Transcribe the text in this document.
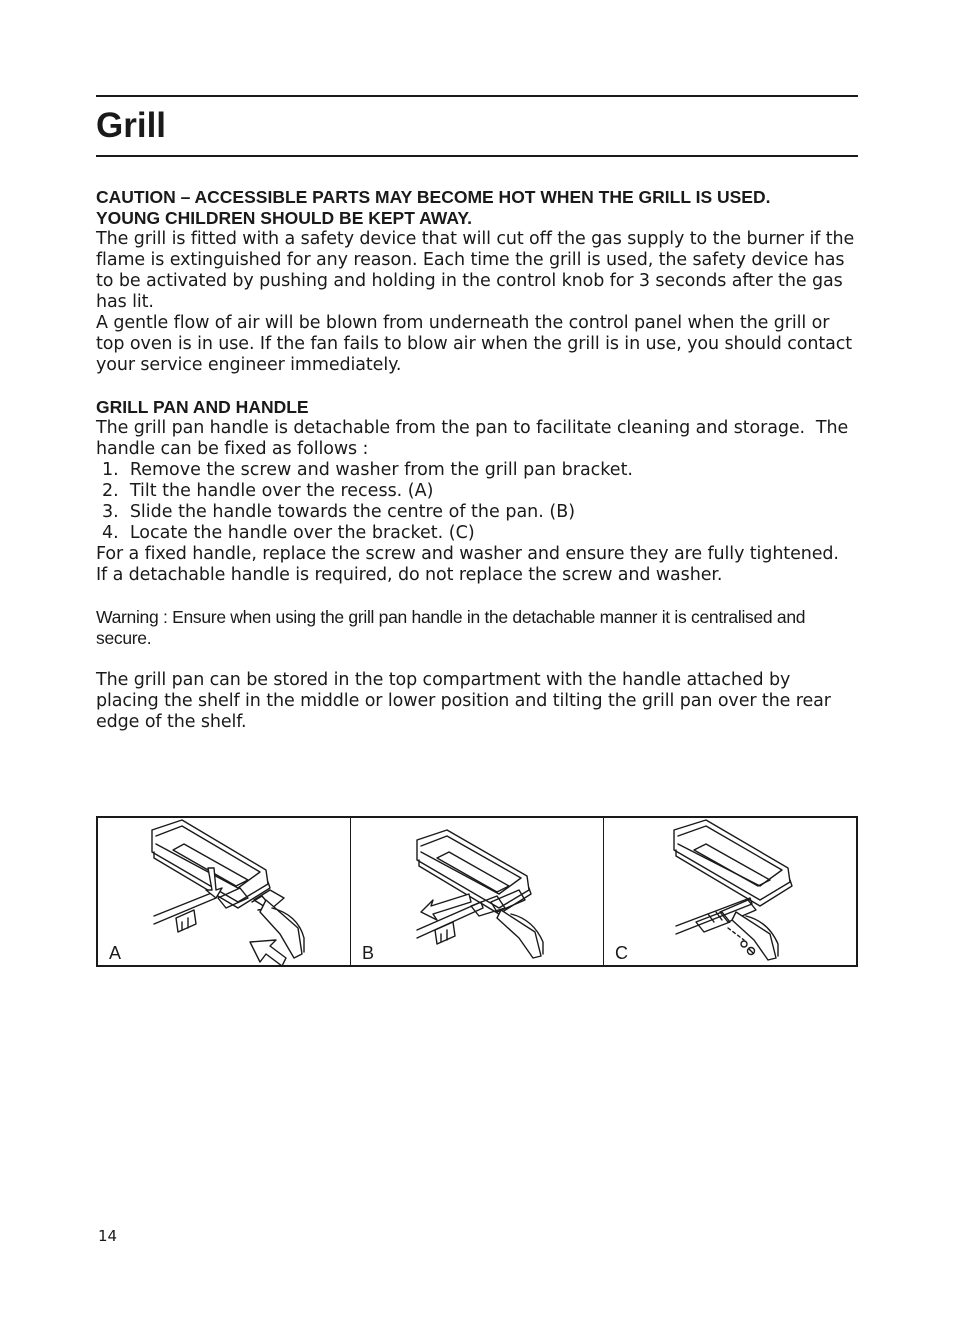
Grill

CAUTION – ACCESSIBLE PARTS MAY BECOME HOT WHEN THE GRILL IS USED.

YOUNG CHILDREN SHOULD BE KEPT AWAY.

The grill is fitted with a safety device that will cut off the gas supply to the burner if the flame is extinguished for any reason. Each time the grill is used, the safety device has to be activated by pushing and holding in the control knob for 3 seconds after the gas has lit.

A gentle flow of air will be blown from underneath the control panel when the grill or top oven is in use. If the fan fails to blow air when the grill is in use, you should contact your service engineer immediately.

GRILL PAN AND HANDLE

The grill pan handle is detachable from the pan to facilitate cleaning and storage.  The handle can be fixed as follows :

1.  Remove the screw and washer from the grill pan bracket.

2.  Tilt the handle over the recess. (A)

3.  Slide the handle towards the centre of the pan. (B)

4.  Locate the handle over the bracket. (C)

For a fixed handle, replace the screw and washer and ensure they are fully tightened.

If a detachable handle is required, do not replace the screw and washer.

Warning : Ensure when using the grill pan handle in the detachable manner it is centralised and secure.

The grill pan can be stored in the top compartment with the handle attached by placing the shelf in the middle or lower position and tilting the grill pan over the rear edge of the shelf.

A	B	C
14
